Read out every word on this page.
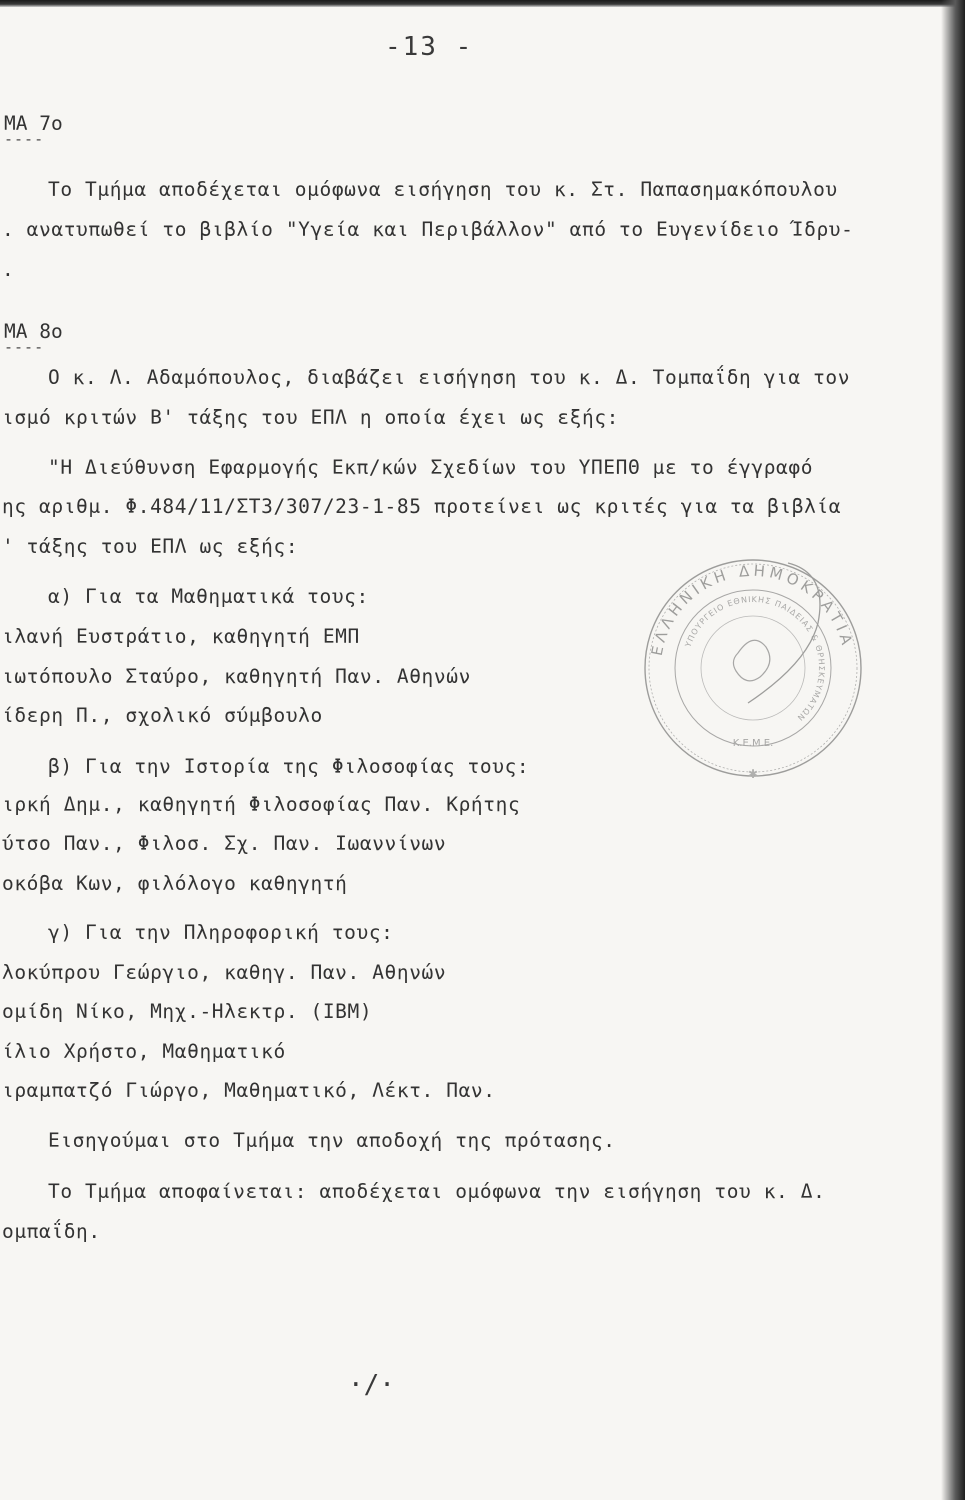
-13 -
ΜΑ 7ο
----
Το Τμήμα αποδέχεται ομόφωνα εισήγηση του κ. Στ. Παπασημακόπουλου
. ανατυπωθεί το βιβλίο "Υγεία και Περιβάλλον" από το Ευγενίδειο Ίδρυ-
.
ΜΑ 8ο
----
Ο κ. Λ. Αδαμόπουλος, διαβάζει εισήγηση του κ. Δ. Τομπαΐδη για τον
ισμό κριτών Β' τάξης του ΕΠΛ η οποία έχει ως εξής:
"Η Διεύθυνση Εφαρμογής Εκπ/κών Σχεδίων του ΥΠΕΠΘ με το έγγραφό
ης αριθμ. Φ.484/11/ΣΤ3/307/23-1-85 προτείνει ως κριτές για τα βιβλία
' τάξης του ΕΠΛ ως εξής:
α) Για τα Μαθηματικά τους:
ιλανή Ευστράτιο, καθηγητή ΕΜΠ
ιωτόπουλο Σταύρο, καθηγητή Παν. Αθηνών
ίδερη Π., σχολικό σύμβουλο
β) Για την Ιστορία της Φιλοσοφίας τους:
ιρκή Δημ., καθηγητή Φιλοσοφίας Παν. Κρήτης
ύτσο Παν., Φιλοσ. Σχ. Παν. Ιωαννίνων
οκόβα Κων, φιλόλογο καθηγητή
γ) Για την Πληροφορική τους:
λοκύπρου Γεώργιο, καθηγ. Παν. Αθηνών
ομίδη Νίκο, Μηχ.-Ηλεκτρ. (IBM)
ίλιο Χρήστο, Μαθηματικό
ιραμπατζό Γιώργο, Μαθηματικό, Λέκτ. Παν.
Εισηγούμαι στο Τμήμα την αποδοχή της πρότασης.
Το Τμήμα αποφαίνεται: αποδέχεται ομόφωνα την εισήγηση του κ. Δ.
ομπαΐδη.
ΕΛΛΗΝΙΚΗ ΔΗΜΟΚΡΑΤΙΑ
ΥΠΟΥΡΓΕΙΟ ΕΘΝΙΚΗΣ ΠΑΙΔΕΙΑΣ & ΘΡΗΣΚΕΥΜΑΤΩΝ
Κ.Ε.Μ.Ε.
✱
·/·
